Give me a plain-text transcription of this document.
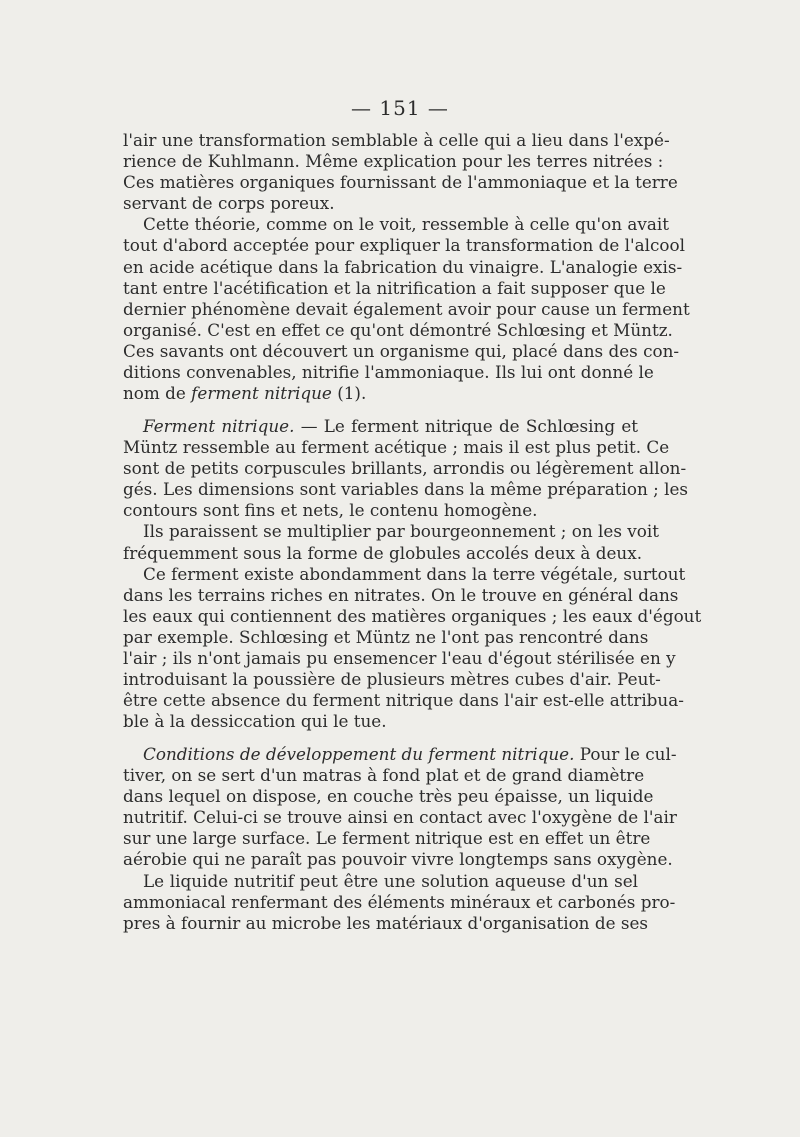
— 151 —
l'air une transformation semblable à celle qui a lieu dans l'expé-
rience de Kuhlmann. Même explication pour les terres nitrées :
Ces matières organiques fournissant de l'ammoniaque et la terre
servant de corps poreux.
Cette théorie, comme on le voit, ressemble à celle qu'on avait
tout d'abord acceptée pour expliquer la transformation de l'alcool
en acide acétique dans la fabrication du vinaigre. L'analogie exis-
tant entre l'acétification et la nitrification a fait supposer que le
dernier phénomène devait également avoir pour cause un ferment
organisé. C'est en effet ce qu'ont démontré Schlœsing et Müntz.
Ces savants ont découvert un organisme qui, placé dans des con-
ditions convenables, nitrifie l'ammoniaque. Ils lui ont donné le
nom de ferment nitrique (1).
Ferment nitrique. — Le ferment nitrique de Schlœsing et
Müntz ressemble au ferment acétique ; mais il est plus petit. Ce
sont de petits corpuscules brillants, arrondis ou légèrement allon-
gés. Les dimensions sont variables dans la même préparation ; les
contours sont fins et nets, le contenu homogène.
Ils paraissent se multiplier par bourgeonnement ; on les voit
fréquemment sous la forme de globules accolés deux à deux.
Ce ferment existe abondamment dans la terre végétale, surtout
dans les terrains riches en nitrates. On le trouve en général dans
les eaux qui contiennent des matières organiques ; les eaux d'égout
par exemple. Schlœsing et Müntz ne l'ont pas rencontré dans
l'air ; ils n'ont jamais pu ensemencer l'eau d'égout stérilisée en y
introduisant la poussière de plusieurs mètres cubes d'air. Peut-
être cette absence du ferment nitrique dans l'air est-elle attribua-
ble à la dessiccation qui le tue.
Conditions de développement du ferment nitrique. Pour le cul-
tiver, on se sert d'un matras à fond plat et de grand diamètre
dans lequel on dispose, en couche très peu épaisse, un liquide
nutritif. Celui-ci se trouve ainsi en contact avec l'oxygène de l'air
sur une large surface. Le ferment nitrique est en effet un être
aérobie qui ne paraît pas pouvoir vivre longtemps sans oxygène.
Le liquide nutritif peut être une solution aqueuse d'un sel
ammoniacal renfermant des éléments minéraux et carbonés pro-
pres à fournir au microbe les matériaux d'organisation de ses
